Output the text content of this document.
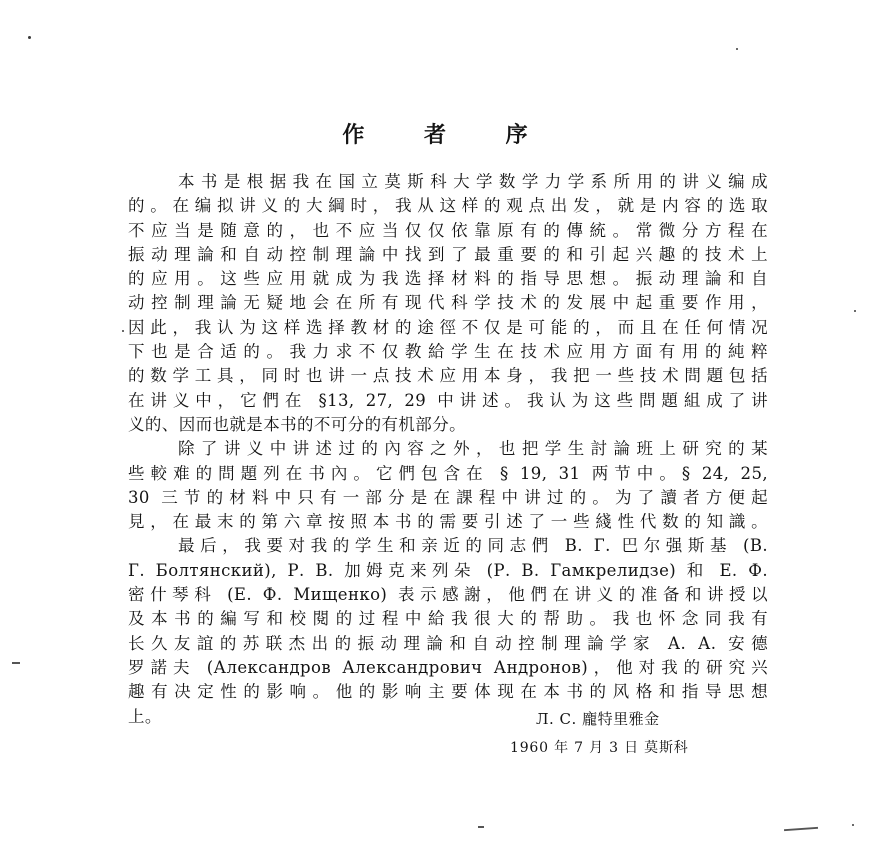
作 者 序
本书是根据我在国立莫斯科大学数学力学系所用的讲义编成
的。在编拟讲义的大綱时，我从这样的观点出发，就是内容的选取
不应当是随意的，也不应当仅仅依靠原有的傳統。常微分方程在
振动理論和自动控制理論中找到了最重要的和引起兴趣的技术上
的应用。这些应用就成为我选择材料的指导思想。振动理論和自
动控制理論无疑地会在所有现代科学技术的发展中起重要作用，
因此，我认为这样选择教材的途徑不仅是可能的，而且在任何情况
下也是合适的。我力求不仅教給学生在技术应用方面有用的純粹
的数学工具，同时也讲一点技术应用本身，我把一些技术問題包括
在讲义中，它們在 §13, 27, 29 中讲述。我认为这些問題組成了讲
义的、因而也就是本书的不可分的有机部分。
除了讲义中讲述过的內容之外，也把学生討論班上研究的某
些較难的問題列在书內。它們包含在 § 19, 31 两节中。§ 24, 25,
30 三节的材料中只有一部分是在課程中讲过的。为了讀者方便起
見，在最末的第六章按照本书的需要引述了一些綫性代数的知識。
最后，我要对我的学生和亲近的同志們 В. Г. 巴尔强斯基 (В.
Г. Болтянский), Р. В. 加姆克来列朵 (Р. В. Гамкрелидзе) 和 Е. Ф.
密什琴科 (Е. Ф. Мищенко) 表示感謝，他們在讲义的准备和讲授以
及本书的編写和校閱的过程中給我很大的帮助。我也怀念同我有
长久友誼的苏联杰出的振动理論和自动控制理論学家 А. А. 安德
罗諾夫 (Александров Александрович Андронов)，他对我的研究兴
趣有决定性的影响。他的影响主要体现在本书的风格和指导思想
上。	Л. С. 龐特里雅金
1960 年 7 月 3 日 莫斯科
